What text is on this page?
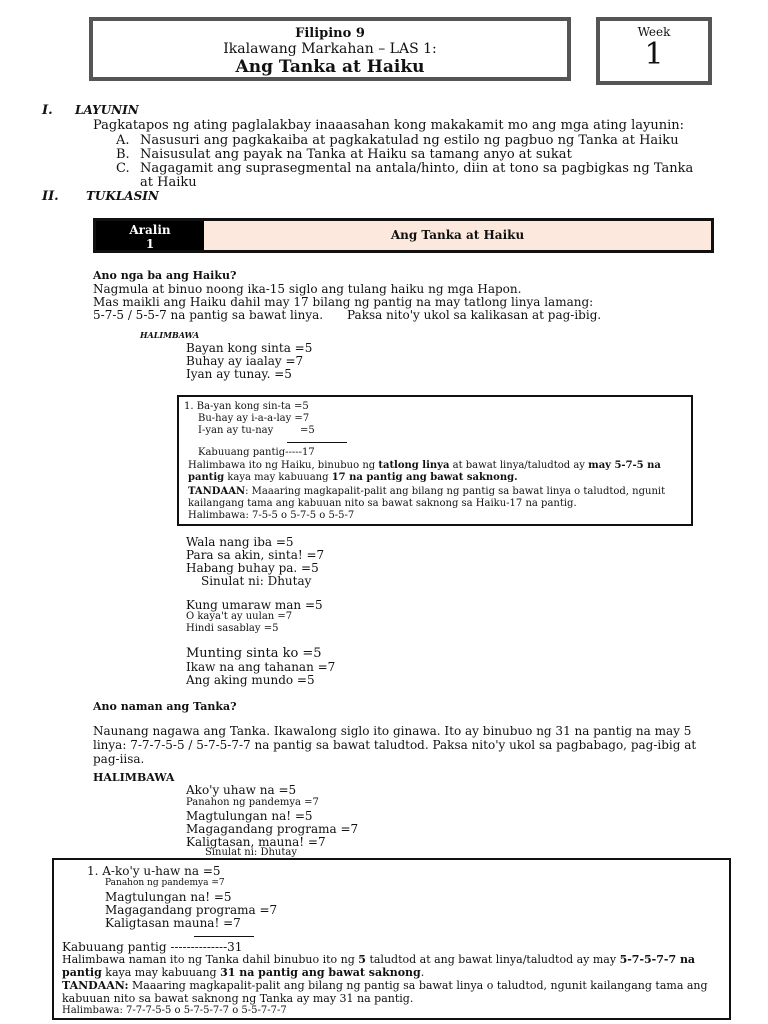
Filipino 9
Ikalawang Markahan – LAS 1:
Ang Tanka at Haiku
Week
1
I. LAYUNIN
Pagkatapos ng ating paglalakbay inaaasahan kong makakamit mo ang mga ating layunin:
A. Nasusuri ang pagkakaiba at pagkakatulad ng estilo ng pagbuo ng Tanka at Haiku
B. Naisusulat ang payak na Tanka at Haiku sa tamang anyo at sukat
C. Nagagamit ang suprasegmental na antala/hinto, diin at tono sa pagbigkas ng Tanka
at Haiku
II. TUKLASIN
Aralin
1
Ang Tanka at Haiku
Ano nga ba ang Haiku?
Nagmula at binuo noong ika-15 siglo ang tulang haiku ng mga Hapon.
Mas maikli ang Haiku dahil may 17 bilang ng pantig na may tatlong linya lamang:
5-7-5 / 5-5-7 na pantig sa bawat linya. Paksa nito'y ukol sa kalikasan at pag-ibig.
HALIMBAWA
Bayan kong sinta =5
Buhay ay iaalay =7
Iyan ay tunay. =5
1. Ba-yan kong sin-ta =5
Bu-hay ay i-a-a-lay =7
I-yan ay tu-nay	=5
Kabuuang pantig-----17
Halimbawa ito ng Haiku, binubuo ng tatlong linya at bawat linya/taludtod ay may 5-7-5 na
pantig kaya may kabuuang 17 na pantig ang bawat saknong.
TANDAAN: Maaaring magkapalit-palit ang bilang ng pantig sa bawat linya o taludtod, ngunit
kailangang tama ang kabuuan nito sa bawat saknong sa Haiku-17 na pantig.
Halimbawa: 7-5-5 o 5-7-5 o 5-5-7
Wala nang iba =5
Para sa akin, sinta! =7
Habang buhay pa. =5
Sinulat ni: Dhutay
Kung umaraw man =5
O kaya't ay uulan =7
Hindi sasablay =5
Munting sinta ko =5
Ikaw na ang tahanan =7
Ang aking mundo =5
Ano naman ang Tanka?
Naunang nagawa ang Tanka. Ikawalong siglo ito ginawa. Ito ay binubuo ng 31 na pantig na may 5
linya: 7-7-7-5-5 / 5-7-5-7-7 na pantig sa bawat taludtod. Paksa nito'y ukol sa pagbabago, pag-ibig at
pag-iisa.
HALIMBAWA
Ako'y uhaw na =5
Panahon ng pandemya =7
Magtulungan na! =5
Magagandang programa =7
Kaligtasan, mauna! =7
Sinulat ni: Dhutay
1. A-ko'y u-haw na =5
Panahon ng pandemya =7
Magtulungan na! =5
Magagandang programa =7
Kaligtasan mauna! =7
Kabuuang pantig --------------31
Halimbawa naman ito ng Tanka dahil binubuo ito ng 5 taludtod at ang bawat linya/taludtod ay may 5-7-5-7-7 na
pantig kaya may kabuuang 31 na pantig ang bawat saknong.
TANDAAN: Maaaring magkapalit-palit ang bilang ng pantig sa bawat linya o taludtod, ngunit kailangang tama ang
kabuuan nito sa bawat saknong ng Tanka ay may 31 na pantig.
Halimbawa: 7-7-7-5-5 o 5-7-5-7-7 o 5-5-7-7-7
